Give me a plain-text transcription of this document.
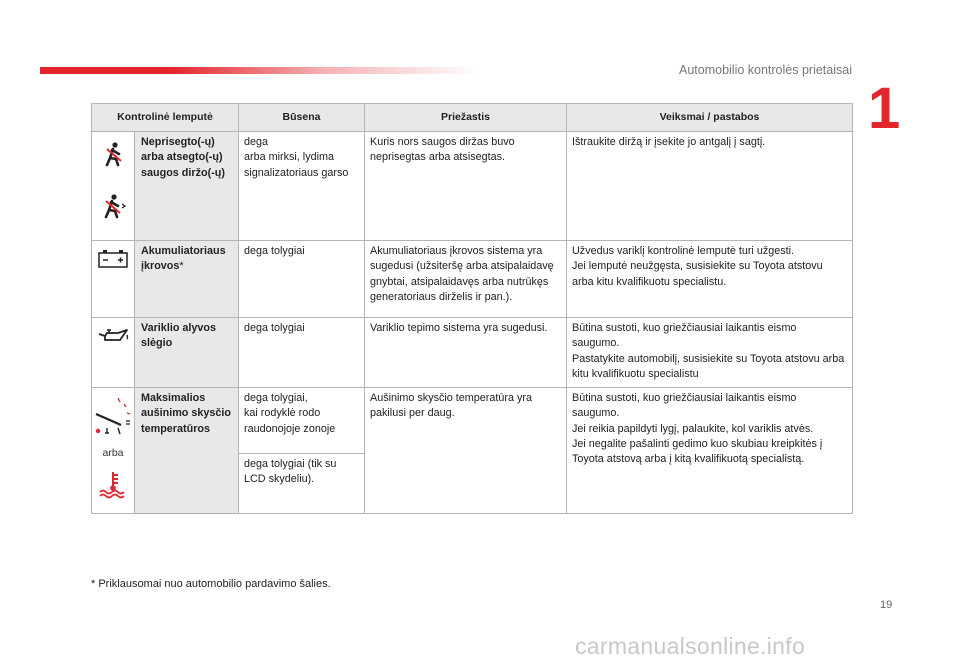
Automobilio kontrolės prietaisai
1
Kontrolinė lemputė		Būsena	Priežastis	Veiksmai / pastabos

	Neprisegto(-ų) arba atsegto(-ų) saugos diržo(-ų)	dega
arba mirksi, lydima signalizatoriaus garso	Kuris nors saugos diržas buvo neprisegtas arba atsisegtas.	Ištraukite diržą ir įsekite jo antgalį į sagtį.

	Akumuliatoriaus įkrovos*	dega tolygiai	Akumuliatoriaus įkrovos sistema yra sugedusi (užsiteršę arba atsipalaidavę gnybtai, atsipalaidavęs arba nutrūkęs generatoriaus dirželis ir pan.).	Užvedus variklį kontrolinė lemputė turi užgesti.
Jei lemputė neužgęsta, susisiekite su Toyota atstovu arba kitu kvalifikuotu specialistu.

	Variklio alyvos slėgio	dega tolygiai	Variklio tepimo sistema yra sugedusi.	Būtina sustoti, kuo griežčiausiai laikantis eismo saugumo.
Pastatykite automobilį, susisiekite su Toyota atstovu arba kitu kvalifikuotu specialistu

arba	Maksimalios aušinimo skysčio temperatūros	dega tolygiai,
kai rodyklė rodo raudonojoje zonoje	Aušinimo skysčio temperatūra yra pakilusi per daug.	Būtina sustoti, kuo griežčiausiai laikantis eismo saugumo.
Jei reikia papildyti lygį, palaukite, kol variklis atvės.
Jei negalite pašalinti gedimo kuo skubiau kreipkitės į Toyota atstovą arba į kitą kvalifikuotą specialistą.
		dega tolygiai (tik su LCD skydeliu).		
* Priklausomai nuo automobilio pardavimo šalies.
19
carmanualsonline.info
